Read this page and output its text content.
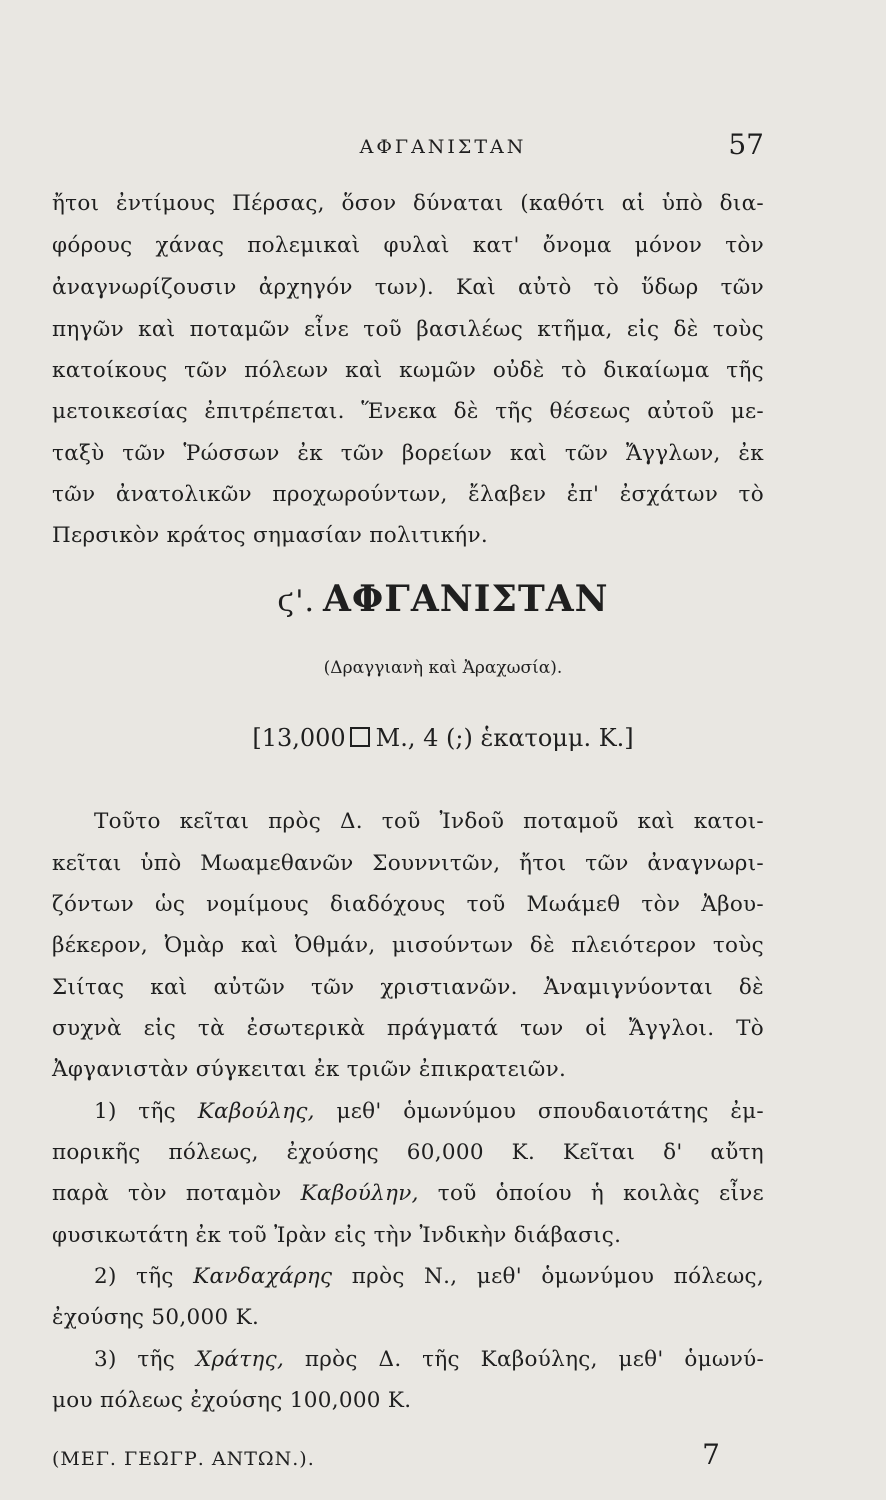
ΑΦΓΑΝΙΣΤΑΝ	57
ἤτοι ἐντίμους Πέρσας, ὅσον δύναται (καθότι αἱ ὑπὸ δια-
φόρους χάνας πολεμικαὶ φυλαὶ κατ' ὄνομα μόνον τὸν
ἀναγνωρίζουσιν ἀρχηγόν των). Καὶ αὐτὸ τὸ ὕδωρ τῶν
πηγῶν καὶ ποταμῶν εἶνε τοῦ βασιλέως κτῆμα, εἰς δὲ τοὺς
κατοίκους τῶν πόλεων καὶ κωμῶν οὐδὲ τὸ δικαίωμα τῆς
μετοικεσίας ἐπιτρέπεται. Ἕνεκα δὲ τῆς θέσεως αὐτοῦ με-
ταξὺ τῶν Ῥώσσων ἐκ τῶν βορείων καὶ τῶν Ἄγγλων, ἐκ
τῶν ἀνατολικῶν προχωρούντων, ἔλαβεν ἐπ' ἐσχάτων τὸ
Περσικὸν κράτος σημασίαν πολιτικήν.
ϛ'. ΑΦΓΑΝΙΣΤΑΝ
(Δραγγιανὴ καὶ Ἀραχωσία).
[13,000 Μ., 4 (;) ἑκατομμ. Κ.]
Τοῦτο κεῖται πρὸς Δ. τοῦ Ἰνδοῦ ποταμοῦ καὶ κατοι-
κεῖται ὑπὸ Μωαμεθανῶν Σουννιτῶν, ἤτοι τῶν ἀναγνωρι-
ζόντων ὡς νομίμους διαδόχους τοῦ Μωάμεθ τὸν Ἀβου-
βέκερον, Ὀμὰρ καὶ Ὀθμάν, μισούντων δὲ πλειότερον τοὺς
Σιίτας καὶ αὐτῶν τῶν χριστιανῶν. Ἀναμιγνύονται δὲ
συχνὰ εἰς τὰ ἐσωτερικὰ πράγματά των οἱ Ἄγγλοι. Τὸ
Ἀφγανιστὰν σύγκειται ἐκ τριῶν ἐπικρατειῶν.
1) τῆς Καβούλης, μεθ' ὁμωνύμου σπουδαιοτάτης ἐμ-
πορικῆς πόλεως, ἐχούσης 60,000 Κ. Κεῖται δ' αὔτη
παρὰ τὸν ποταμὸν Καβούλην, τοῦ ὁποίου ἡ κοιλὰς εἶνε
φυσικωτάτη ἐκ τοῦ Ἰρὰν εἰς τὴν Ἰνδικὴν διάβασις.
2) τῆς Κανδαχάρης πρὸς Ν., μεθ' ὁμωνύμου πόλεως,
ἐχούσης 50,000 Κ.
3) τῆς Χράτης, πρὸς Δ. τῆς Καβούλης, μεθ' ὁμωνύ-
μου πόλεως ἐχούσης 100,000 Κ.
(ΜΕΓ. ΓΕΩΓΡ. ΑΝΤΩΝ.).	7
